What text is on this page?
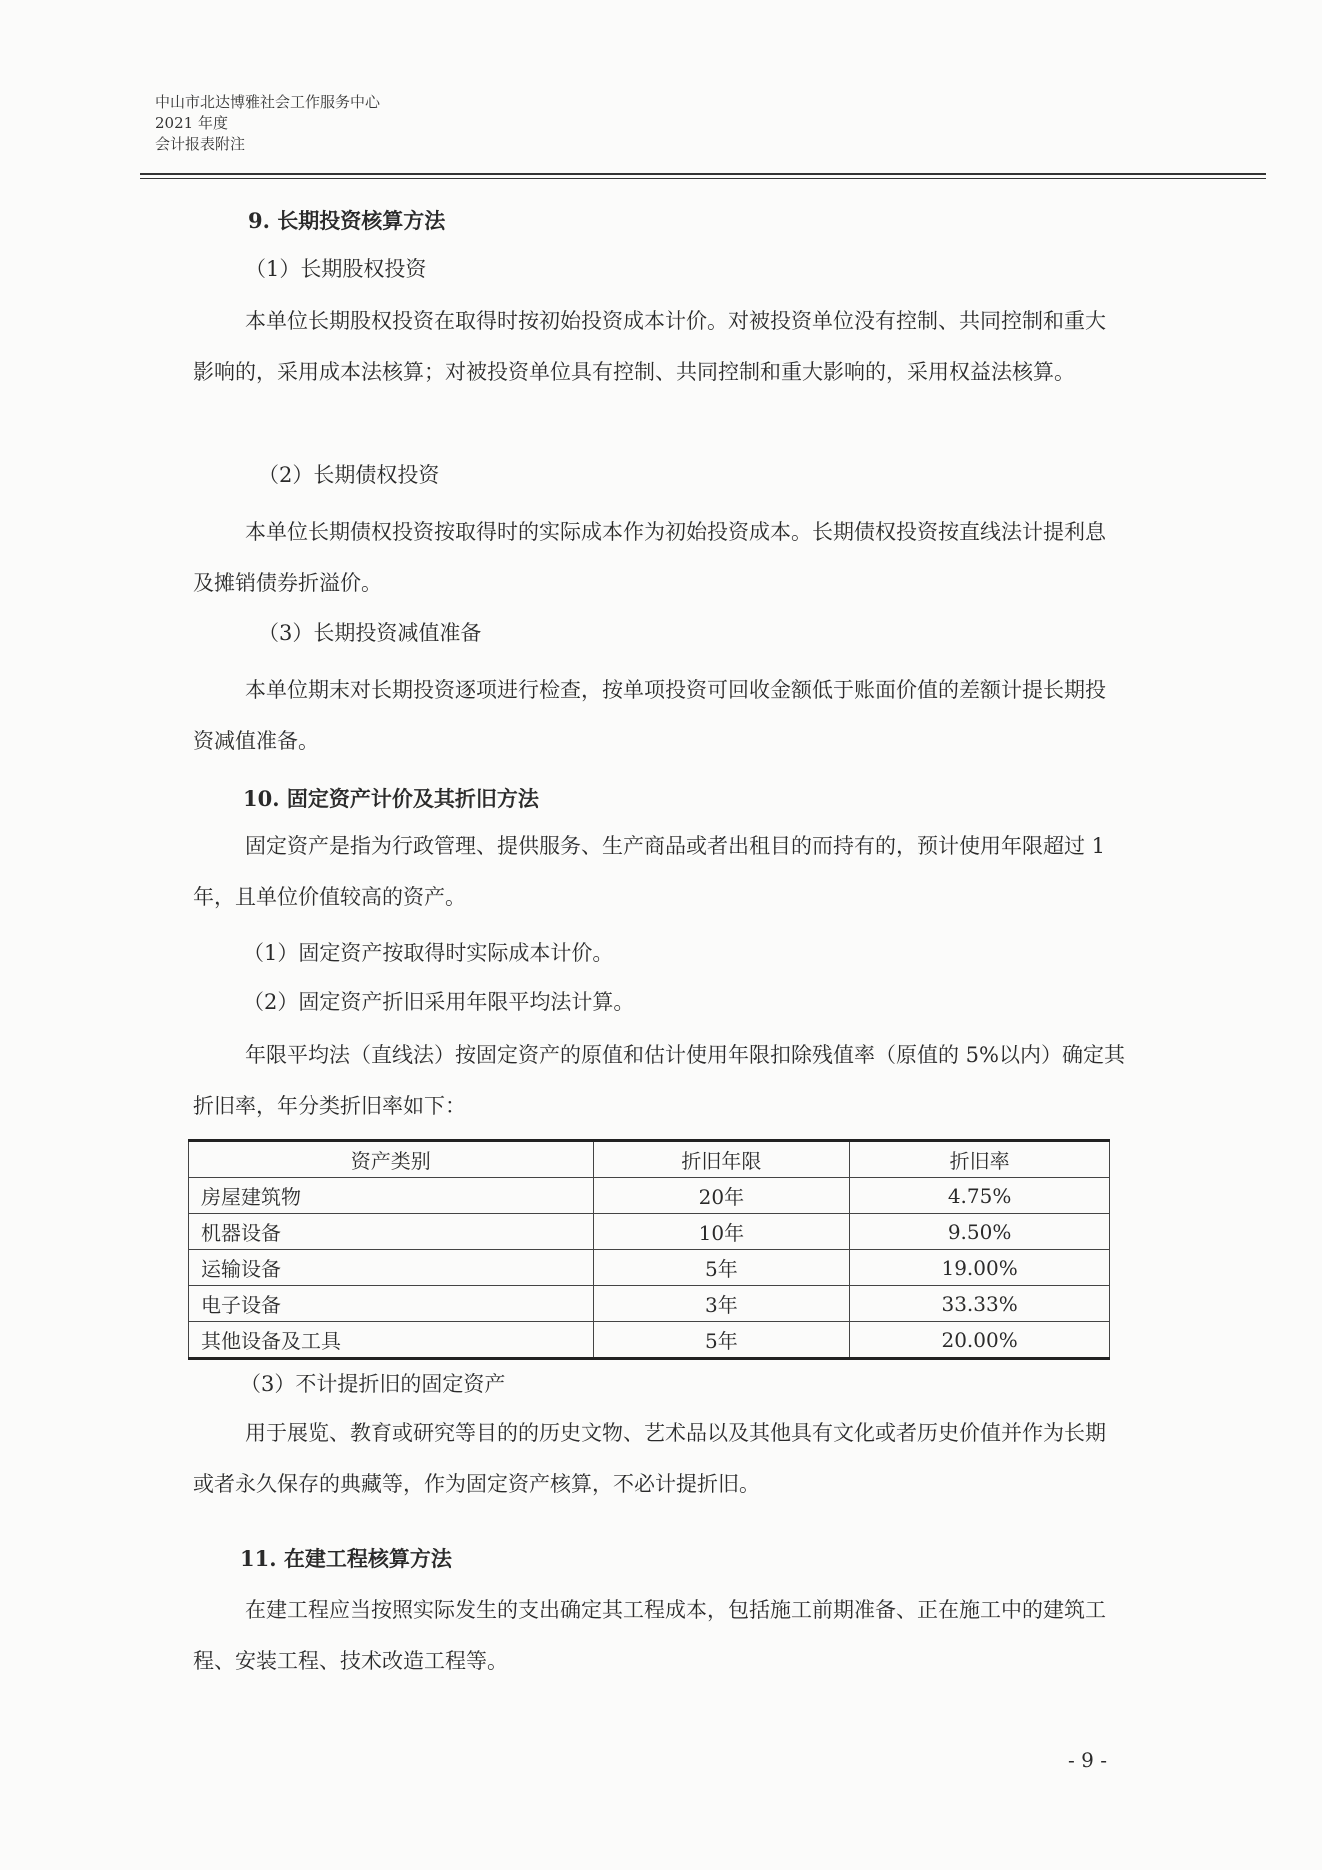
中山市北达博雅社会工作服务中心
2021 年度
会计报表附注
9. 长期投资核算方法
（1）长期股权投资

本单位长期股权投资在取得时按初始投资成本计价。对被投资单位没有控制、共同控制和重大影响的，采用成本法核算；对被投资单位具有控制、共同控制和重大影响的，采用权益法核算。

（2）长期债权投资

本单位长期债权投资按取得时的实际成本作为初始投资成本。长期债权投资按直线法计提利息及摊销债券折溢价。

（3）长期投资减值准备

本单位期末对长期投资逐项进行检查，按单项投资可回收金额低于账面价值的差额计提长期投资减值准备。

10. 固定资产计价及其折旧方法

固定资产是指为行政管理、提供服务、生产商品或者出租目的而持有的，预计使用年限超过 1 年，且单位价值较高的资产。

（1）固定资产按取得时实际成本计价。
（2）固定资产折旧采用年限平均法计算。

年限平均法（直线法）按固定资产的原值和估计使用年限扣除残值率（原值的 5%以内）确定其折旧率，年分类折旧率如下：

资产类别	折旧年限	折旧率
房屋建筑物	20年	4.75%
机器设备	10年	9.50%
运输设备	5年	19.00%
电子设备	3年	33.33%
其他设备及工具	5年	20.00%
（3）不计提折旧的固定资产

用于展览、教育或研究等目的的历史文物、艺术品以及其他具有文化或者历史价值并作为长期或者永久保存的典藏等，作为固定资产核算，不必计提折旧。

11. 在建工程核算方法

在建工程应当按照实际发生的支出确定其工程成本，包括施工前期准备、正在施工中的建筑工程、安装工程、技术改造工程等。

- 9 -
